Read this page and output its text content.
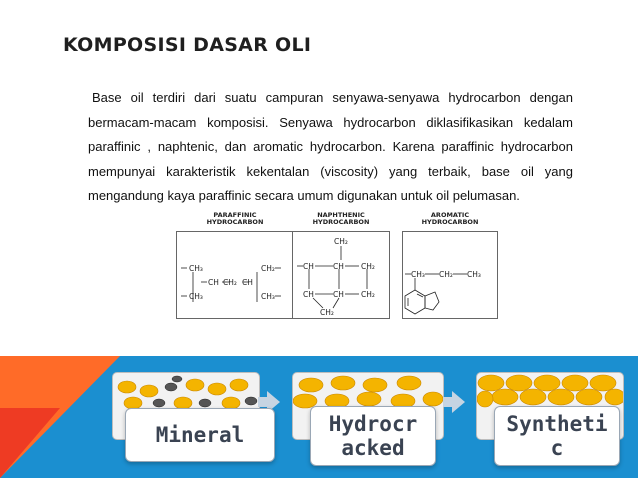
KOMPOSISI DASAR OLI
Base oil terdiri dari suatu campuran senyawa-senyawa hydrocarbon dengan bermacam-macam komposisi. Senyawa hydrocarbon diklasifikasikan kedalam paraffinic , naphtenic, dan aromatic hydrocarbon. Karena paraffinic hydrocarbon mempunyai karakteristik kekentalan (viscosity) yang terbaik, base oil yang mengandung kaya paraffinic secara umum digunakan untuk oil pelumasan.
PARAFFINIC
HYDROCARBON
CH₃
CH CH₂ CH
CH₂
CH₃	CH₃
NAPHTHENIC
HYDROCARBON
CH₂
CH	CH CH₂
CH	CH CH₂
CH₂
AROMATIC
HYDROCARBON
CH₃ CH₂ CH₃
Mineral	Hydrocr
acked
Syntheti
c
